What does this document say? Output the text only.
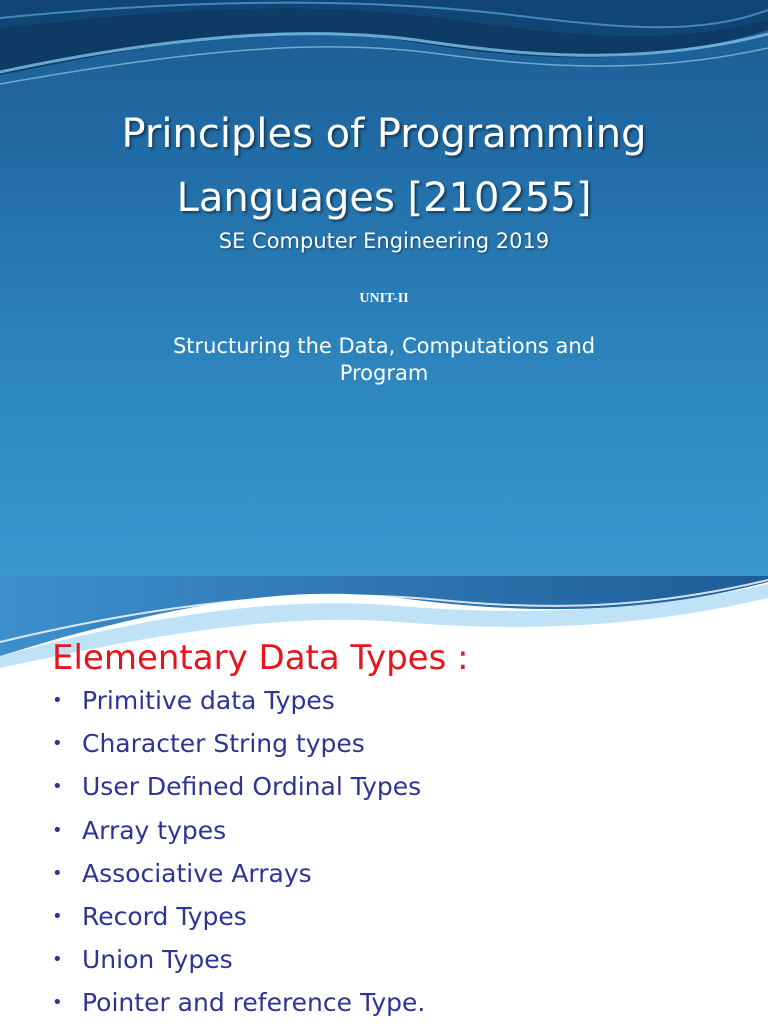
Principles of Programming
Languages [210255]
SE Computer Engineering 2019
UNIT-II
Structuring the Data, Computations and
Program
Elementary Data Types :
• Primitive data Types
• Character String types
• User Defined Ordinal Types
• Array types
• Associative Arrays
• Record Types
• Union Types
• Pointer and reference Type.
